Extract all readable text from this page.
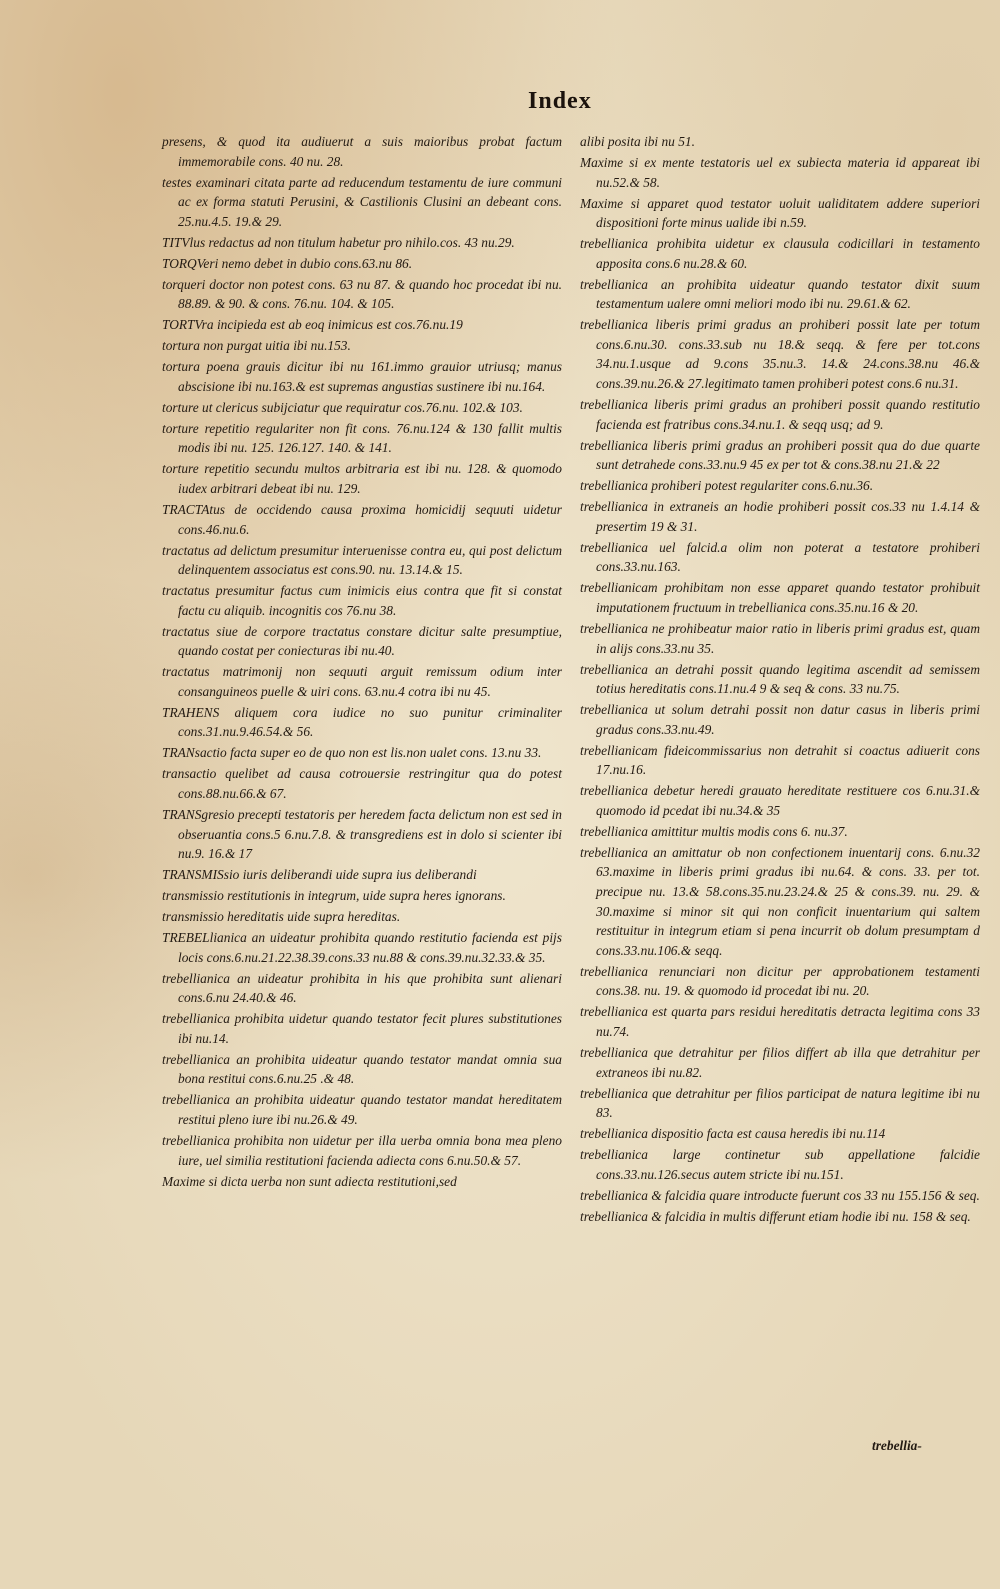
Index

presens, & quod ita audiuerut a suis maioribus probat factum immemorabile cons. 40 nu. 28.

testes examinari citata parte ad reducendum testamentu de iure communi ac ex forma statuti Perusini, & Castilionis Clusini an debeant cons. 25.nu.4.5. 19.& 29.

TITVlus redactus ad non titulum habetur pro nihilo.cos. 43 nu.29.

TORQVeri nemo debet in dubio cons.63.nu 86.

torqueri doctor non potest cons. 63 nu 87. & quando hoc procedat ibi nu. 88.89. & 90. & cons. 76.nu. 104. & 105.

TORTVra incipieda est ab eoq inimicus est cos.76.nu.19

tortura non purgat uitia ibi nu.153.

tortura poena grauis dicitur ibi nu 161.immo grauior utriusq; manus abscisione ibi nu.163.& est supremas angustias sustinere ibi nu.164.

torture ut clericus subijciatur que requiratur cos.76.nu. 102.& 103.

torture repetitio regulariter non fit cons. 76.nu.124 & 130 fallit multis modis ibi nu. 125. 126.127. 140. & 141.

torture repetitio secundu multos arbitraria est ibi nu. 128. & quomodo iudex arbitrari debeat ibi nu. 129.

TRACTAtus de occidendo causa proxima homicidij sequuti uidetur cons.46.nu.6.

tractatus ad delictum presumitur interuenisse contra eu, qui post delictum delinquentem associatus est cons.90. nu. 13.14.& 15.

tractatus presumitur factus cum inimicis eius contra que fit si constat factu cu aliquib. incognitis cos 76.nu 38.

tractatus siue de corpore tractatus constare dicitur salte presumptiue, quando costat per coniecturas ibi nu.40.

tractatus matrimonij non sequuti arguit remissum odium inter consanguineos puelle & uiri cons. 63.nu.4 cotra ibi nu 45.

TRAHENS aliquem cora iudice no suo punitur criminaliter cons.31.nu.9.46.54.& 56.

TRANsactio facta super eo de quo non est lis.non ualet cons. 13.nu 33.

transactio quelibet ad causa cotrouersie restringitur qua do potest cons.88.nu.66.& 67.

TRANSgresio precepti testatoris per heredem facta delictum non est sed in obseruantia cons.5 6.nu.7.8. & transgrediens est in dolo si scienter ibi nu.9. 16.& 17

TRANSMISsio iuris deliberandi uide supra ius deliberandi

transmissio restitutionis in integrum, uide supra heres ignorans.

transmissio hereditatis uide supra hereditas.

TREBELlianica an uideatur prohibita quando restitutio facienda est pijs locis cons.6.nu.21.22.38.39.cons.33 nu.88 & cons.39.nu.32.33.& 35.

trebellianica an uideatur prohibita in his que prohibita sunt alienari cons.6.nu 24.40.& 46.

trebellianica prohibita uidetur quando testator fecit plures substitutiones ibi nu.14.

trebellianica an prohibita uideatur quando testator mandat omnia sua bona restitui cons.6.nu.25 .& 48.

trebellianica an prohibita uideatur quando testator mandat hereditatem restitui pleno iure ibi nu.26.& 49.

trebellianica prohibita non uidetur per illa uerba omnia bona mea pleno iure, uel similia restitutioni facienda adiecta cons 6.nu.50.& 57.

Maxime si dicta uerba non sunt adiecta restitutioni,sed

alibi posita ibi nu 51.

Maxime si ex mente testatoris uel ex subiecta materia id appareat ibi nu.52.& 58.

Maxime si apparet quod testator uoluit ualiditatem addere superiori dispositioni forte minus ualide ibi n.59.

trebellianica prohibita uidetur ex clausula codicillari in testamento apposita cons.6 nu.28.& 60.

trebellianica an prohibita uideatur quando testator dixit suum testamentum ualere omni meliori modo ibi nu. 29.61.& 62.

trebellianica liberis primi gradus an prohiberi possit late per totum cons.6.nu.30. cons.33.sub nu 18.& seqq. & fere per tot.cons 34.nu.1.usque ad 9.cons 35.nu.3. 14.& 24.cons.38.nu 46.& cons.39.nu.26.& 27.legitimato tamen prohiberi potest cons.6 nu.31.

trebellianica liberis primi gradus an prohiberi possit quando restitutio facienda est fratribus cons.34.nu.1. & seqq usq; ad 9.

trebellianica liberis primi gradus an prohiberi possit qua do due quarte sunt detrahede cons.33.nu.9 45 ex per tot & cons.38.nu 21.& 22

trebellianica prohiberi potest regulariter cons.6.nu.36.

trebellianica in extraneis an hodie prohiberi possit cos.33 nu 1.4.14 & presertim 19 & 31.

trebellianica uel falcid.a olim non poterat a testatore prohiberi cons.33.nu.163.

trebellianicam prohibitam non esse apparet quando testator prohibuit imputationem fructuum in trebellianica cons.35.nu.16 & 20.

trebellianica ne prohibeatur maior ratio in liberis primi gradus est, quam in alijs cons.33.nu 35.

trebellianica an detrahi possit quando legitima ascendit ad semissem totius hereditatis cons.11.nu.4 9 & seq & cons. 33 nu.75.

trebellianica ut solum detrahi possit non datur casus in liberis primi gradus cons.33.nu.49.

trebellianicam fideicommissarius non detrahit si coactus adiuerit cons 17.nu.16.

trebellianica debetur heredi grauato hereditate restituere cos 6.nu.31.& quomodo id pcedat ibi nu.34.& 35

trebellianica amittitur multis modis cons 6. nu.37.

trebellianica an amittatur ob non confectionem inuentarij cons. 6.nu.32 63.maxime in liberis primi gradus ibi nu.64. & cons. 33. per tot. precipue nu. 13.& 58.cons.35.nu.23.24.& 25 & cons.39. nu. 29. & 30.maxime si minor sit qui non conficit inuentarium qui saltem restituitur in integrum etiam si pena incurrit ob dolum presumptam d cons.33.nu.106.& seqq.

trebellianica renunciari non dicitur per approbationem testamenti cons.38. nu. 19. & quomodo id procedat ibi nu. 20.

trebellianica est quarta pars residui hereditatis detracta legitima cons 33 nu.74.

trebellianica que detrahitur per filios differt ab illa que detrahitur per extraneos ibi nu.82.

trebellianica que detrahitur per filios participat de natura legitime ibi nu 83.

trebellianica dispositio facta est causa heredis ibi nu.114

trebellianica large continetur sub appellatione falcidie cons.33.nu.126.secus autem stricte ibi nu.151.

trebellianica & falcidia quare introducte fuerunt cos 33 nu 155.156 & seq.

trebellianica & falcidia in multis differunt etiam hodie ibi nu. 158 & seq.

trebellia-
